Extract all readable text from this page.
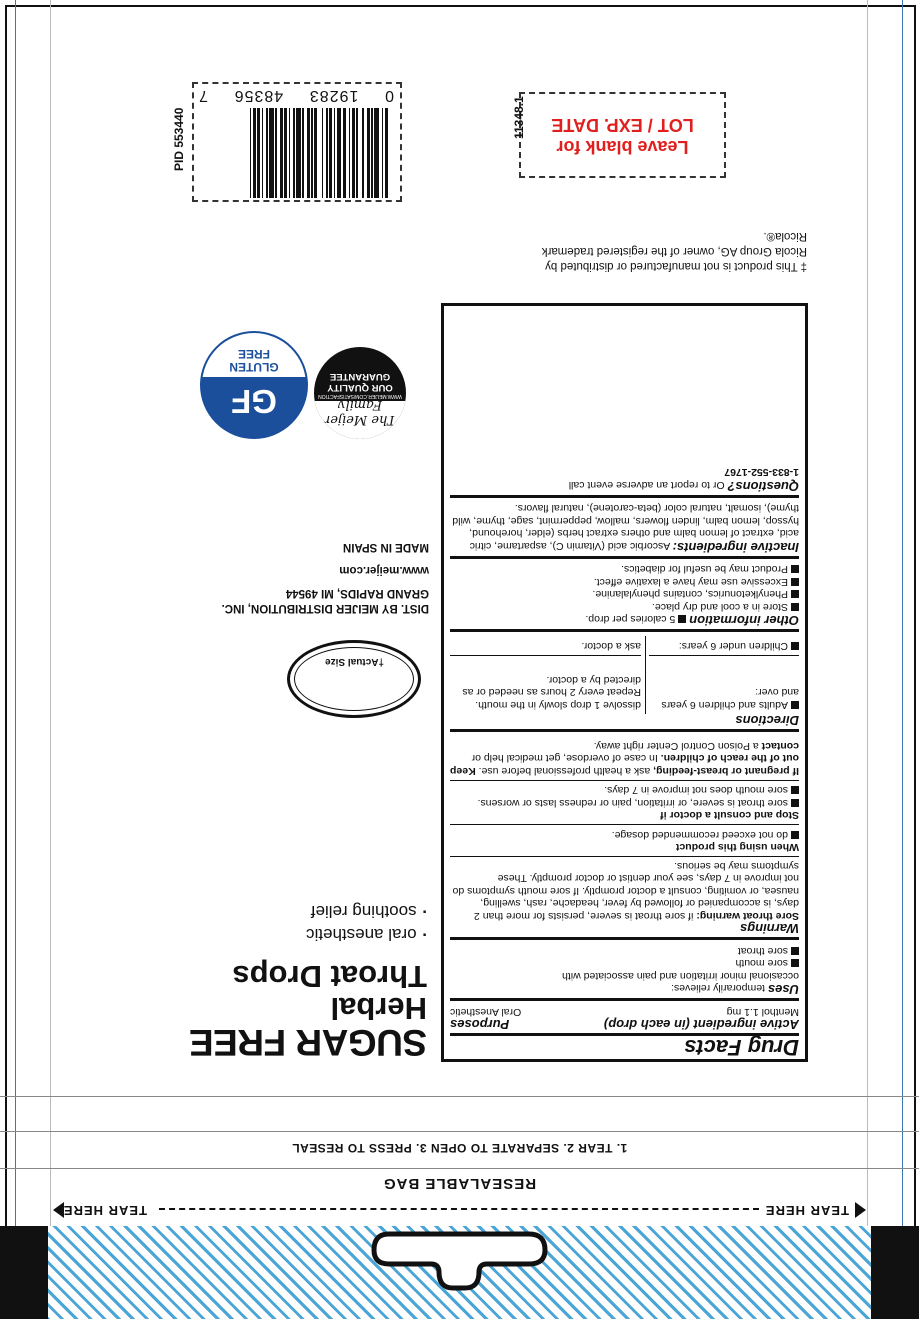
TEAR HERE
TEAR HERE
RESEALABLE BAG
1. TEAR 2. SEPARATE TO OPEN 3. PRESS TO RESEAL
SUGAR FREE
Herbal
Throat Drops
· oral anesthetic
· soothing relief
†Actual Size
DIST. BY MEIJER DISTRIBUTION, INC.
GRAND RAPIDS, MI 49544
www.meijer.com
MADE IN SPAIN
The Meijer Family
WWW.MEIJER.COM/SATISFACTION
OUR QUALITY
GUARANTEE
GF
GLUTEN
FREE
Drug Facts
Active ingredient (in each drop)
Purposes
Menthol 1.1 mg
Oral Anesthetic
Uses temporarily relieves:
occasional minor irritation and pain associated with
sore mouth
sore throat
Warnings
Sore throat warning: if sore throat is severe, persists for more than 2 days, is accompanied or followed by fever, headache, rash, swelling, nausea, or vomiting, consult a doctor promptly. If sore mouth symptoms do not improve in 7 days, see your dentist or doctor promptly. These symptoms may be serious.
When using this product
do not exceed recommended dosage.
Stop and consult a doctor if
sore throat is severe, or irritation, pain or redness lasts or worsens.
sore mouth does not improve in 7 days.
If pregnant or breast-feeding, ask a health professional before use. Keep out of the reach of children. In case of overdose, get medical help or contact a Poison Control Center right away.
Directions
Adults and children 6 years and over:
Children under 6 years:
dissolve 1 drop slowly in the mouth. Repeat every 2 hours as needed or as directed by a doctor.
ask a doctor.
Other information 5 calories per drop.
Store in a cool and dry place.
Phenylketonurics, contains phenylalanine.
Excessive use may have a laxative effect.
Product may be useful for diabetics.
Inactive ingredients: Ascorbic acid (Vitamin C), aspartame, citric acid, extract of lemon balm and others extract herbs (elder, horehound, hyssop, lemon balm, linden flowers, mallow, peppermint, sage, thyme, wild thyme), isomalt, natural color (beta-carotene), natural flavors.
Questions? Or to report an adverse event call
1-833-552-1767
‡ This product is not manufactured or distributed by Ricola Group AG, owner of the registered trademark Ricola®.
Leave blank for
LOT / EXP. DATE
11348.1
0
19283
48356
7
PID 553440
